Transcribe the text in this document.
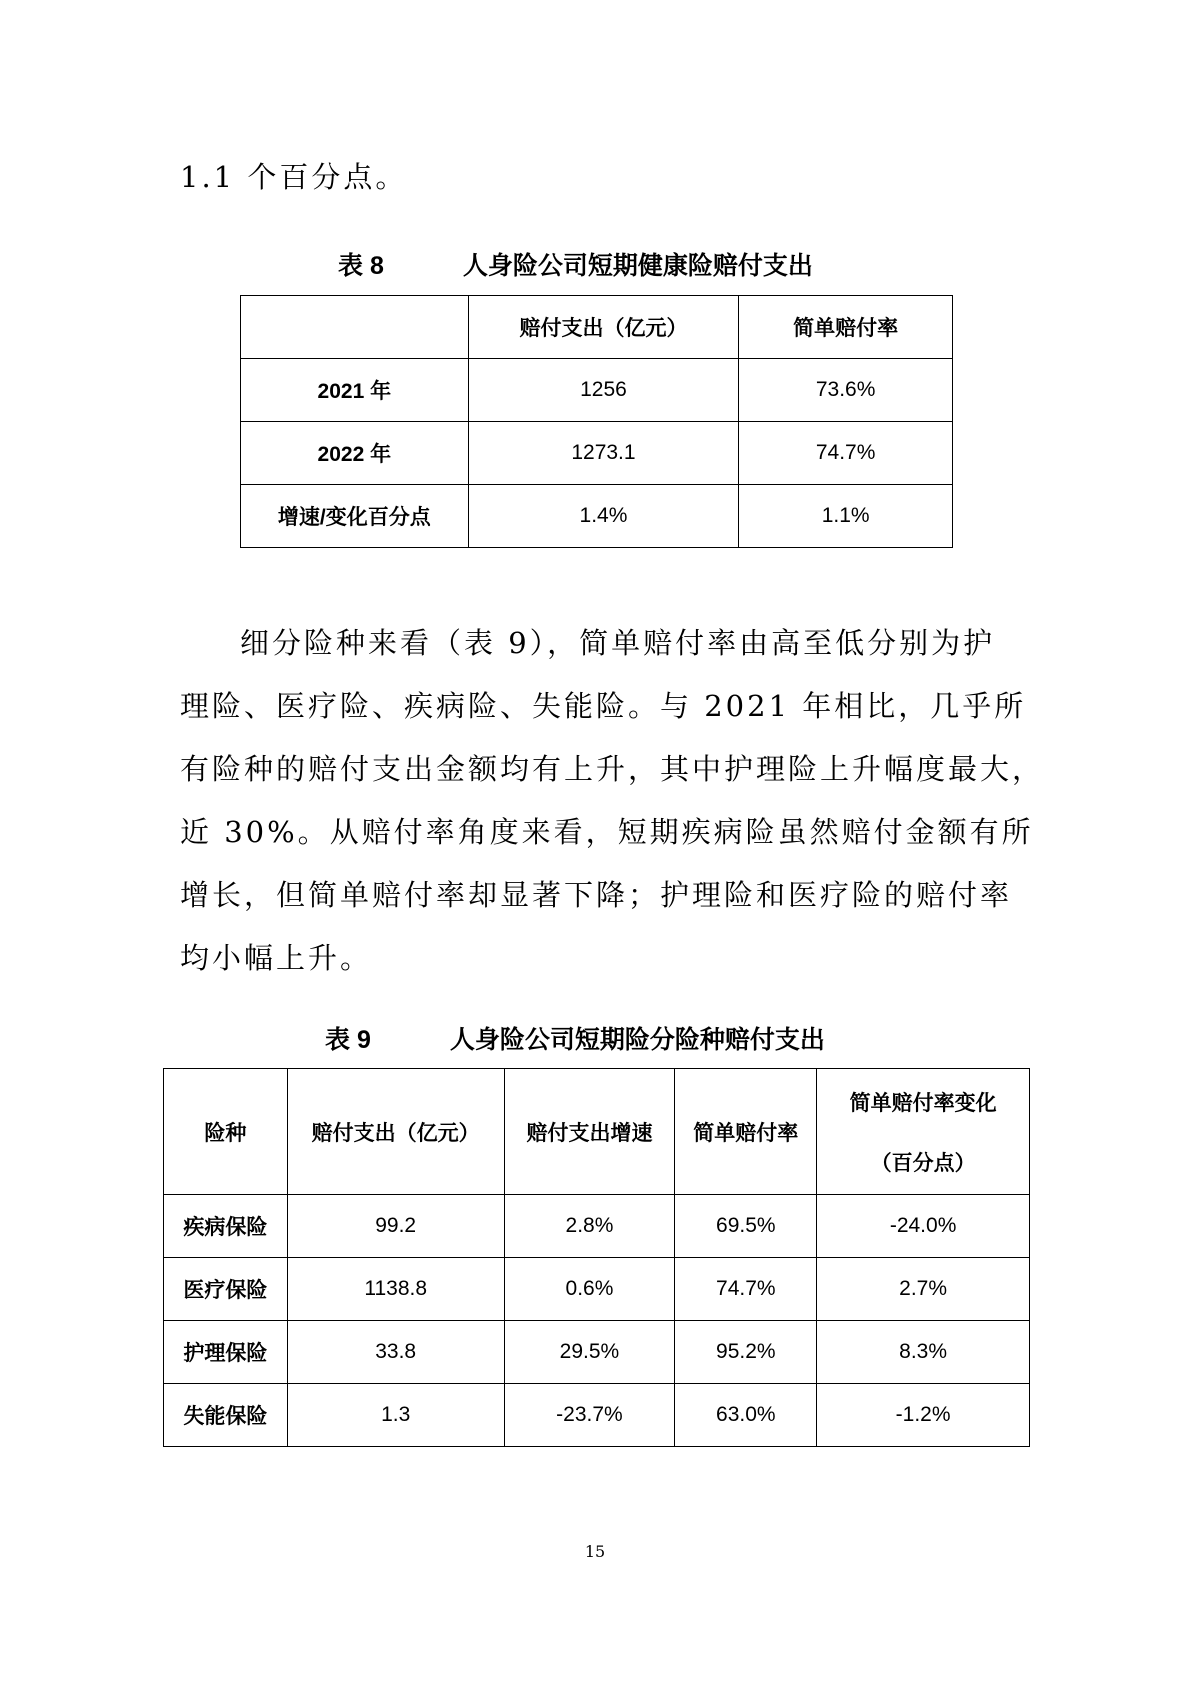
1.1 个百分点。
表 8	人身险公司短期健康险赔付支出
	赔付支出（亿元）	简单赔付率
2021 年	1256	73.6%
2022 年	1273.1	74.7%
增速/变化百分点	1.4%	1.1%
细分险种来看（表 9），简单赔付率由高至低分别为护
理险、医疗险、疾病险、失能险。与 2021 年相比，几乎所
有险种的赔付支出金额均有上升，其中护理险上升幅度最大，
近 30%。从赔付率角度来看，短期疾病险虽然赔付金额有所
增长，但简单赔付率却显著下降；护理险和医疗险的赔付率
均小幅上升。
表 9	人身险公司短期险分险种赔付支出
险种	赔付支出（亿元）	赔付支出增速	简单赔付率	简单赔付率变化
（百分点）

疾病保险	99.2	2.8%	69.5%	-24.0%
医疗保险	1138.8	0.6%	74.7%	2.7%
护理保险	33.8	29.5%	95.2%	8.3%
失能保险	1.3	-23.7%	63.0%	-1.2%
15
